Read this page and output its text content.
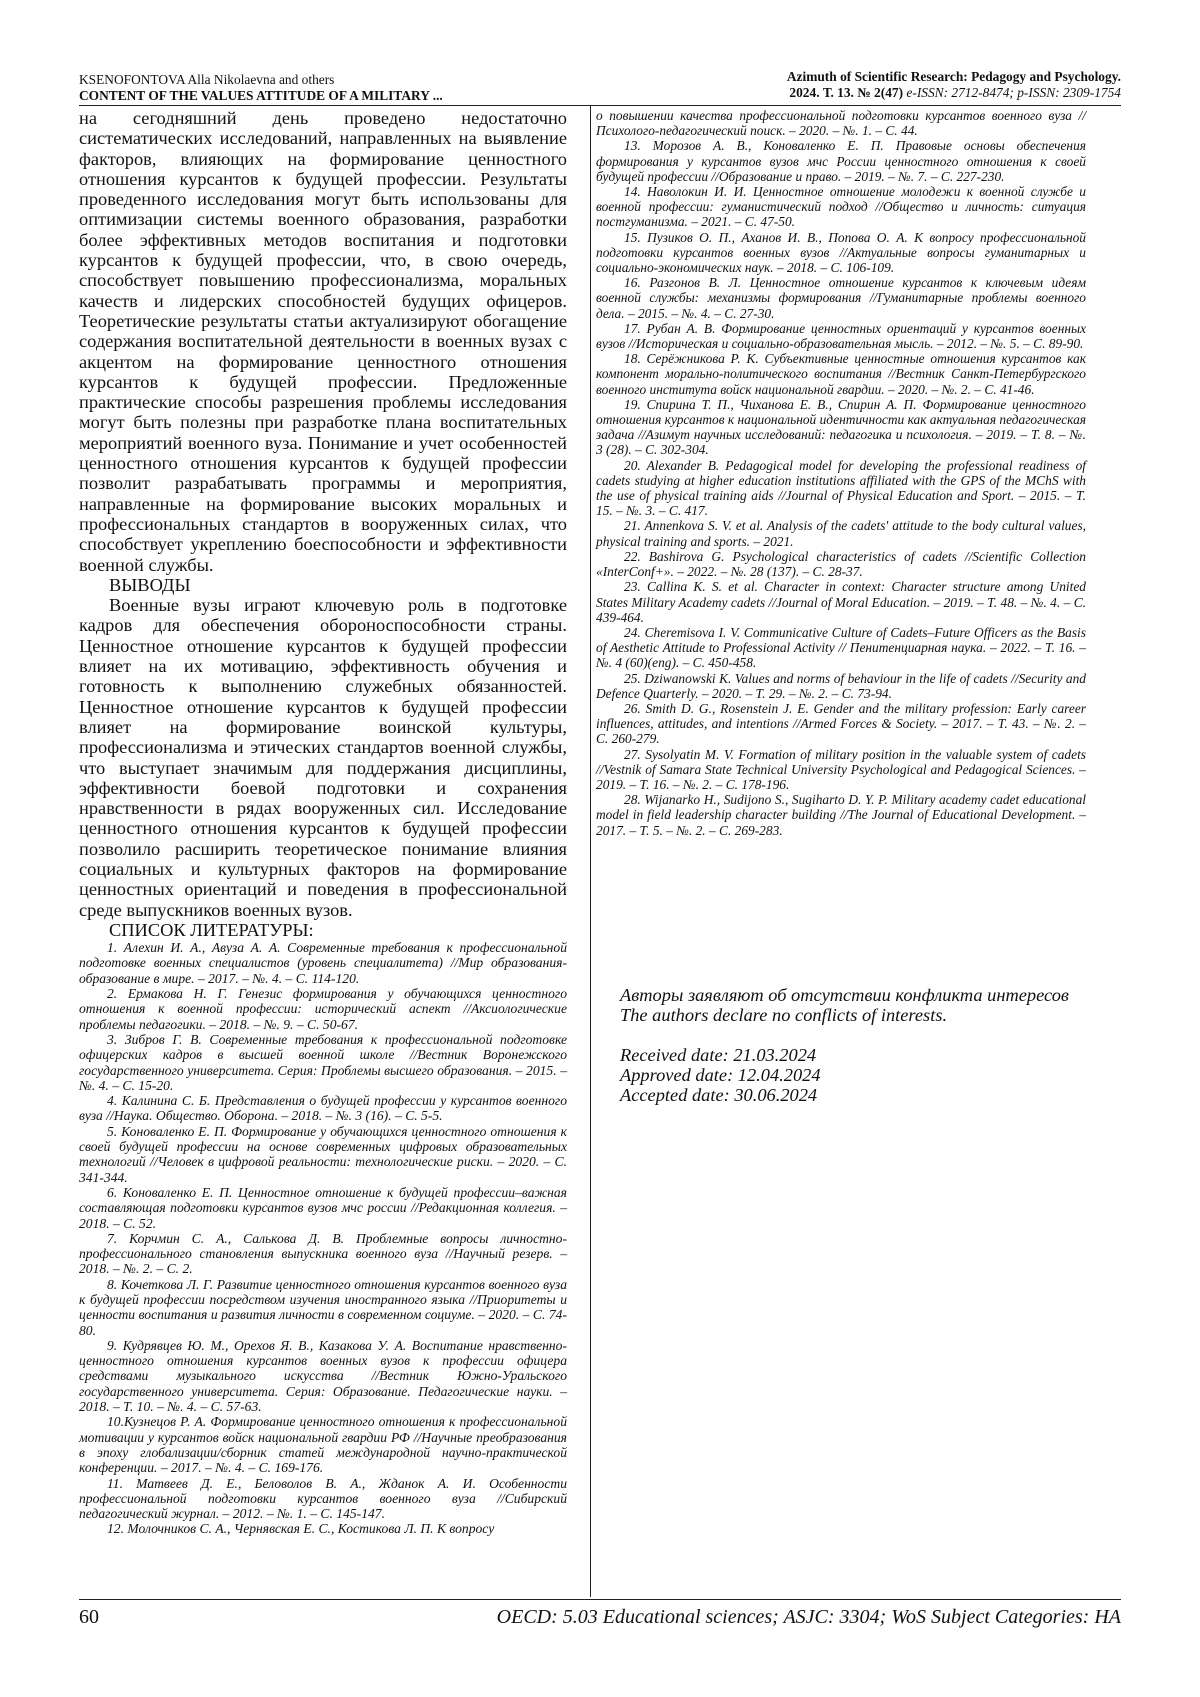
KSENOFONTOVA Alla Nikolaevna and others
CONTENT OF THE VALUES ATTITUDE OF A MILITARY ...
Azimuth of Scientific Research: Pedagogy and Psychology.
2024. Т. 13. № 2(47) e-ISSN: 2712-8474; p-ISSN: 2309-1754

на сегодняшний день проведено недостаточно систематических исследований, направленных на выявление факторов, влияющих на формирование ценностного отношения курсантов к будущей профессии. Результаты проведенного исследования могут быть использованы для оптимизации системы военного образования, разработки более эффективных методов воспитания и подготовки курсантов к будущей профессии, что, в свою очередь, способствует повышению профессионализма, моральных качеств и лидерских способностей будущих офицеров. Теоретические результаты статьи актуализируют обогащение содержания воспитательной деятельности в военных вузах с акцентом на формирование ценностного отношения курсантов к будущей профессии. Предложенные практические способы разрешения проблемы исследования могут быть полезны при разработке плана воспитательных мероприятий военного вуза. Понимание и учет особенностей ценностного отношения курсантов к будущей профессии позволит разрабатывать программы и мероприятия, направленные на формирование высоких моральных и профессиональных стандартов в вооруженных силах, что способствует укреплению боеспособности и эффективности военной службы.

ВЫВОДЫ

Военные вузы играют ключевую роль в подготовке кадров для обеспечения обороноспособности страны. Ценностное отношение курсантов к будущей профессии влияет на их мотивацию, эффективность обучения и готовность к выполнению служебных обязанностей. Ценностное отношение курсантов к будущей профессии влияет на формирование воинской культуры, профессионализма и этических стандартов военной службы, что выступает значимым для поддержания дисциплины, эффективности боевой подготовки и сохранения нравственности в рядах вооруженных сил. Исследование ценностного отношения курсантов к будущей профессии позволило расширить теоретическое понимание влияния социальных и культурных факторов на формирование ценностных ориентаций и поведения в профессиональной среде выпускников военных вузов.

СПИСОК ЛИТЕРАТУРЫ:

1. Алехин И. А., Авуза А. А. Современные требования к профессиональной подготовке военных специалистов (уровень специалитета) //Мир образования-образование в мире. – 2017. – №. 4. – С. 114-120.

2. Ермакова Н. Г. Генезис формирования у обучающихся ценностного отношения к военной профессии: исторический аспект //Аксиологические проблемы педагогики. – 2018. – №. 9. – С. 50-67.

3. Зибров Г. В. Современные требования к профессиональной подготовке офицерских кадров в высшей военной школе //Вестник Воронежского государственного университета. Серия: Проблемы высшего образования. – 2015. – №. 4. – С. 15-20.

4. Калинина С. Б. Представления о будущей профессии у курсантов военного вуза //Наука. Общество. Оборона. – 2018. – №. 3 (16). – С. 5-5.

5. Коноваленко Е. П. Формирование у обучающихся ценностного отношения к своей будущей профессии на основе современных цифровых образовательных технологий //Человек в цифровой реальности: технологические риски. – 2020. – С. 341-344.

6. Коноваленко Е. П. Ценностное отношение к будущей профессии–важная составляющая подготовки курсантов вузов мчс россии //Редакционная коллегия. – 2018. – С. 52.

7. Корчмин С. А., Салькова Д. В. Проблемные вопросы личностно-профессионального становления выпускника военного вуза //Научный резерв. – 2018. – №. 2. – С. 2.

8. Кочеткова Л. Г. Развитие ценностного отношения курсантов военного вуза к будущей профессии посредством изучения иностранного языка //Приоритеты и ценности воспитания и развития личности в современном социуме. – 2020. – С. 74-80.

9. Кудрявцев Ю. М., Орехов Я. В., Казакова У. А. Воспитание нравственно-ценностного отношения курсантов военных вузов к профессии офицера средствами музыкального искусства //Вестник Южно-Уральского государственного университета. Серия: Образование. Педагогические науки. – 2018. – Т. 10. – №. 4. – С. 57-63.

10.Кузнецов Р. А. Формирование ценностного отношения к профессиональной мотивации у курсантов войск национальной гвардии РФ //Научные преобразования в эпоху глобализации/сборник статей международной научно-практической конференции. – 2017. – №. 4. – С. 169-176.

11. Матвеев Д. Е., Беловолов В. А., Жданок А. И. Особенности профессиональной подготовки курсантов военного вуза //Сибирский педагогический журнал. – 2012. – №. 1. – С. 145-147.

12. Молочников С. А., Чернявская Е. С., Костикова Л. П. К вопросу

о повышении качества профессиональной подготовки курсантов военного вуза //Психолого-педагогический поиск. – 2020. – №. 1. – С. 44.

13. Морозов А. В., Коноваленко Е. П. Правовые основы обеспечения формирования у курсантов вузов мчс России ценностного отношения к своей будущей профессии //Образование и право. – 2019. – №. 7. – С. 227-230.

14. Наволокин И. И. Ценностное отношение молодежи к военной службе и военной профессии: гуманистический подход //Общество и личность: ситуация постгуманизма. – 2021. – С. 47-50.

15. Пузиков О. П., Аханов И. В., Попова О. А. К вопросу профессиональной подготовки курсантов военных вузов //Актуальные вопросы гуманитарных и социально-экономических наук. – 2018. – С. 106-109.

16. Разгонов В. Л. Ценностное отношение курсантов к ключевым идеям военной службы: механизмы формирования //Гуманитарные проблемы военного дела. – 2015. – №. 4. – С. 27-30.

17. Рубан А. В. Формирование ценностных ориентаций у курсантов военных вузов //Историческая и социально-образовательная мысль. – 2012. – №. 5. – С. 89-90.

18. Серёжникова Р. К. Субъективные ценностные отношения курсантов как компонент морально-политического воспитания //Вестник Санкт-Петербургского военного института войск национальной гвардии. – 2020. – №. 2. – С. 41-46.

19. Спирина Т. П., Чиханова Е. В., Спирин А. П. Формирование ценностного отношения курсантов к национальной идентичности как актуальная педагогическая задача //Азимут научных исследований: педагогика и психология. – 2019. – Т. 8. – №. 3 (28). – С. 302-304.

20. Alexander B. Pedagogical model for developing the professional readiness of cadets studying at higher education institutions affiliated with the GPS of the MChS with the use of physical training aids //Journal of Physical Education and Sport. – 2015. – Т. 15. – №. 3. – С. 417.

21. Annenkova S. V. et al. Analysis of the cadets' attitude to the body cultural values, physical training and sports. – 2021.

22. Bashirova G. Psychological characteristics of cadets //Scientific Collection «InterConf+». – 2022. – №. 28 (137). – С. 28-37.

23. Callina K. S. et al. Character in context: Character structure among United States Military Academy cadets //Journal of Moral Education. – 2019. – Т. 48. – №. 4. – С. 439-464.

24. Cheremisova I. V. Communicative Culture of Cadets–Future Officers as the Basis of Aesthetic Attitude to Professional Activity // Пенитенциарная наука. – 2022. – Т. 16. – №. 4 (60)(eng). – С. 450-458.

25. Dziwanowski K. Values and norms of behaviour in the life of cadets //Security and Defence Quarterly. – 2020. – Т. 29. – №. 2. – С. 73-94.

26. Smith D. G., Rosenstein J. E. Gender and the military profession: Early career influences, attitudes, and intentions //Armed Forces & Society. – 2017. – Т. 43. – №. 2. – С. 260-279.

27. Sysolyatin M. V. Formation of military position in the valuable system of cadets //Vestnik of Samara State Technical University Psychological and Pedagogical Sciences. – 2019. – Т. 16. – №. 2. – С. 178-196.

28. Wijanarko H., Sudijono S., Sugiharto D. Y. P. Military academy cadet educational model in field leadership character building //The Journal of Educational Development. – 2017. – Т. 5. – №. 2. – С. 269-283.

Авторы заявляют об отсутствии конфликта интересов

The authors declare no conflicts of interests.

Received date: 21.03.2024

Approved date: 12.04.2024

Accepted date: 30.06.2024

60	OECD: 5.03 Educational sciences; ASJC: 3304; WoS Subject Categories: HA
